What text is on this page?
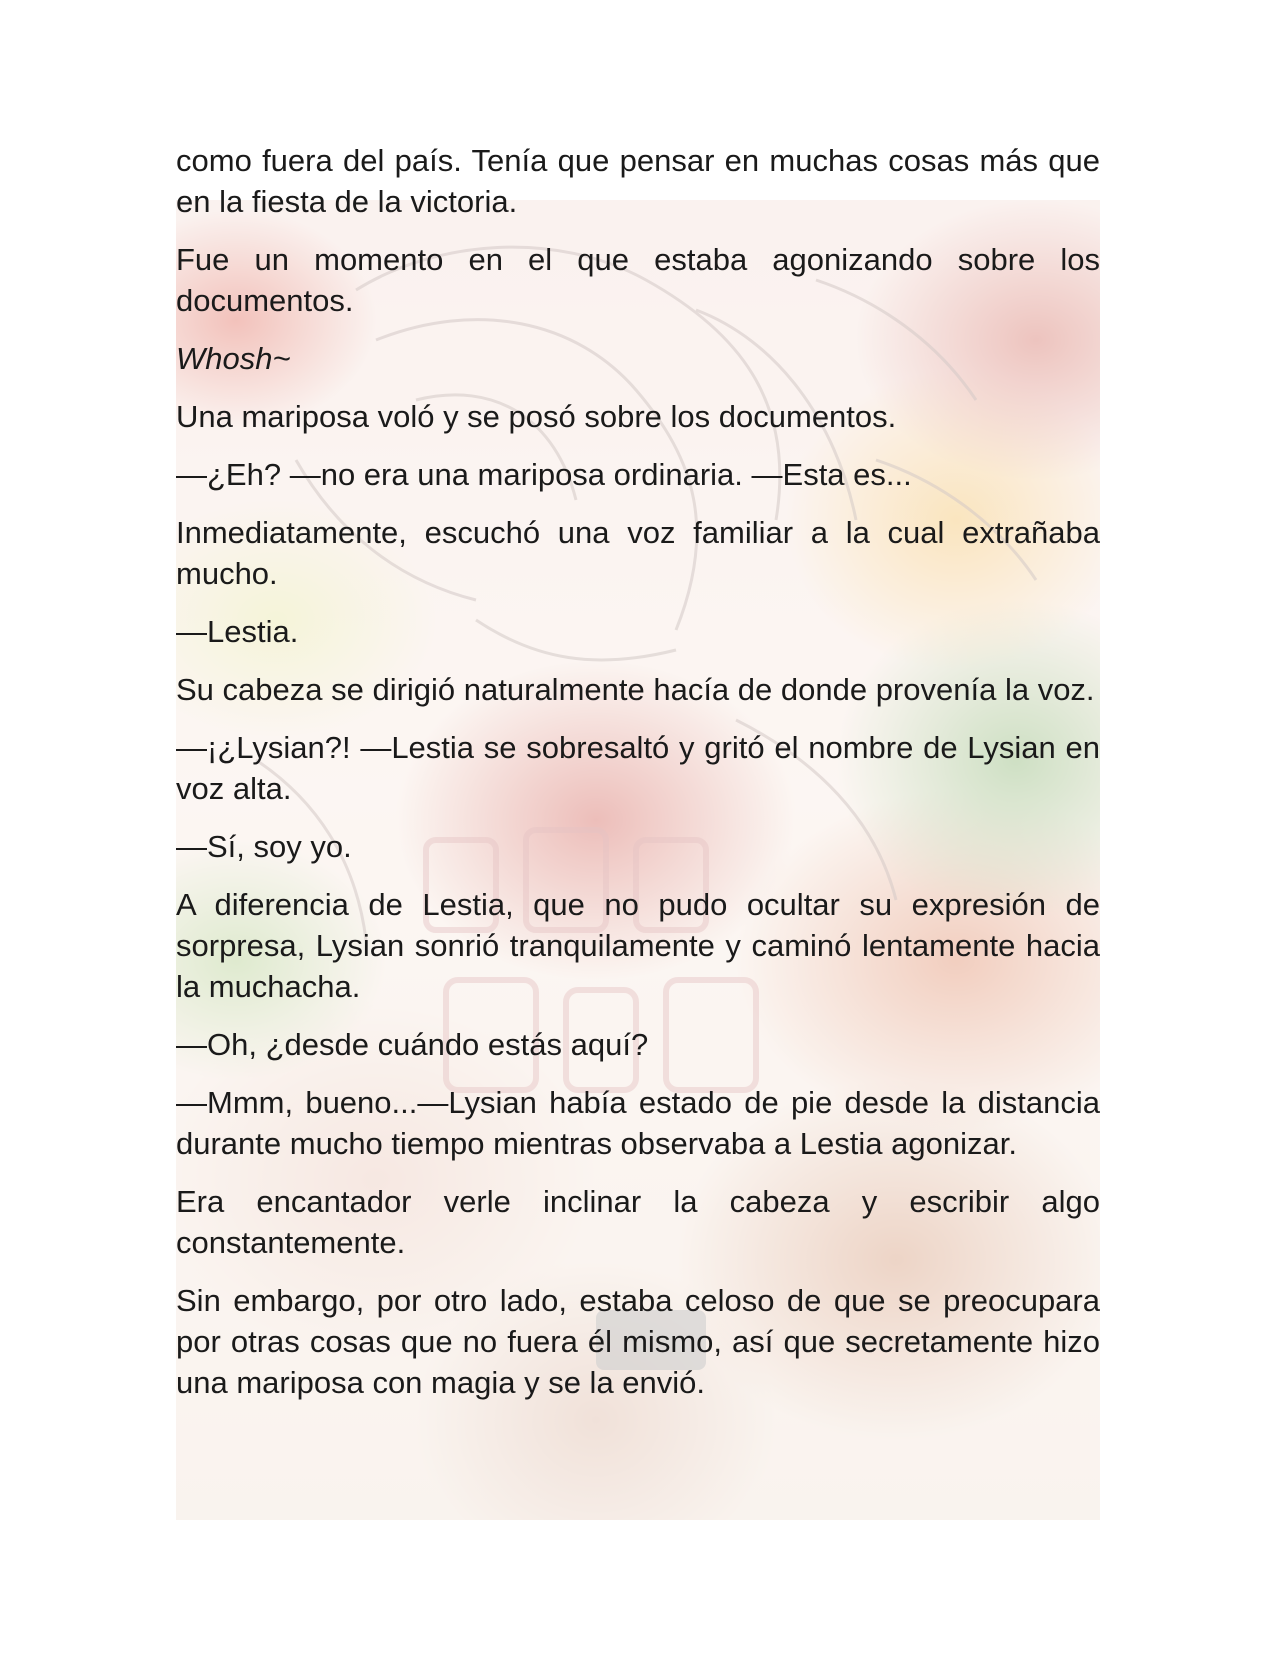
como fuera del país. Tenía que pensar en muchas cosas más que en la fiesta de la victoria.

Fue un momento en el que estaba agonizando sobre los documentos.

Whosh~

Una mariposa voló y se posó sobre los documentos.

—¿Eh? —no era una mariposa ordinaria. —Esta es...

Inmediatamente, escuchó una voz familiar a la cual extrañaba mucho.

—Lestia.

Su cabeza se dirigió naturalmente hacía de donde provenía la voz.

—¡¿Lysian?! —Lestia se sobresaltó y gritó el nombre de Lysian en voz alta.

—Sí, soy yo.

A diferencia de Lestia, que no pudo ocultar su expresión de sorpresa, Lysian sonrió tranquilamente y caminó lentamente hacia la muchacha.

—Oh, ¿desde cuándo estás aquí?

—Mmm, bueno...—Lysian había estado de pie desde la distancia durante mucho tiempo mientras observaba a Lestia agonizar.

Era encantador verle inclinar la cabeza y escribir algo constantemente.

Sin embargo, por otro lado, estaba celoso de que se preocupara por otras cosas que no fuera él mismo, así que secretamente hizo una mariposa con magia y se la envió.
